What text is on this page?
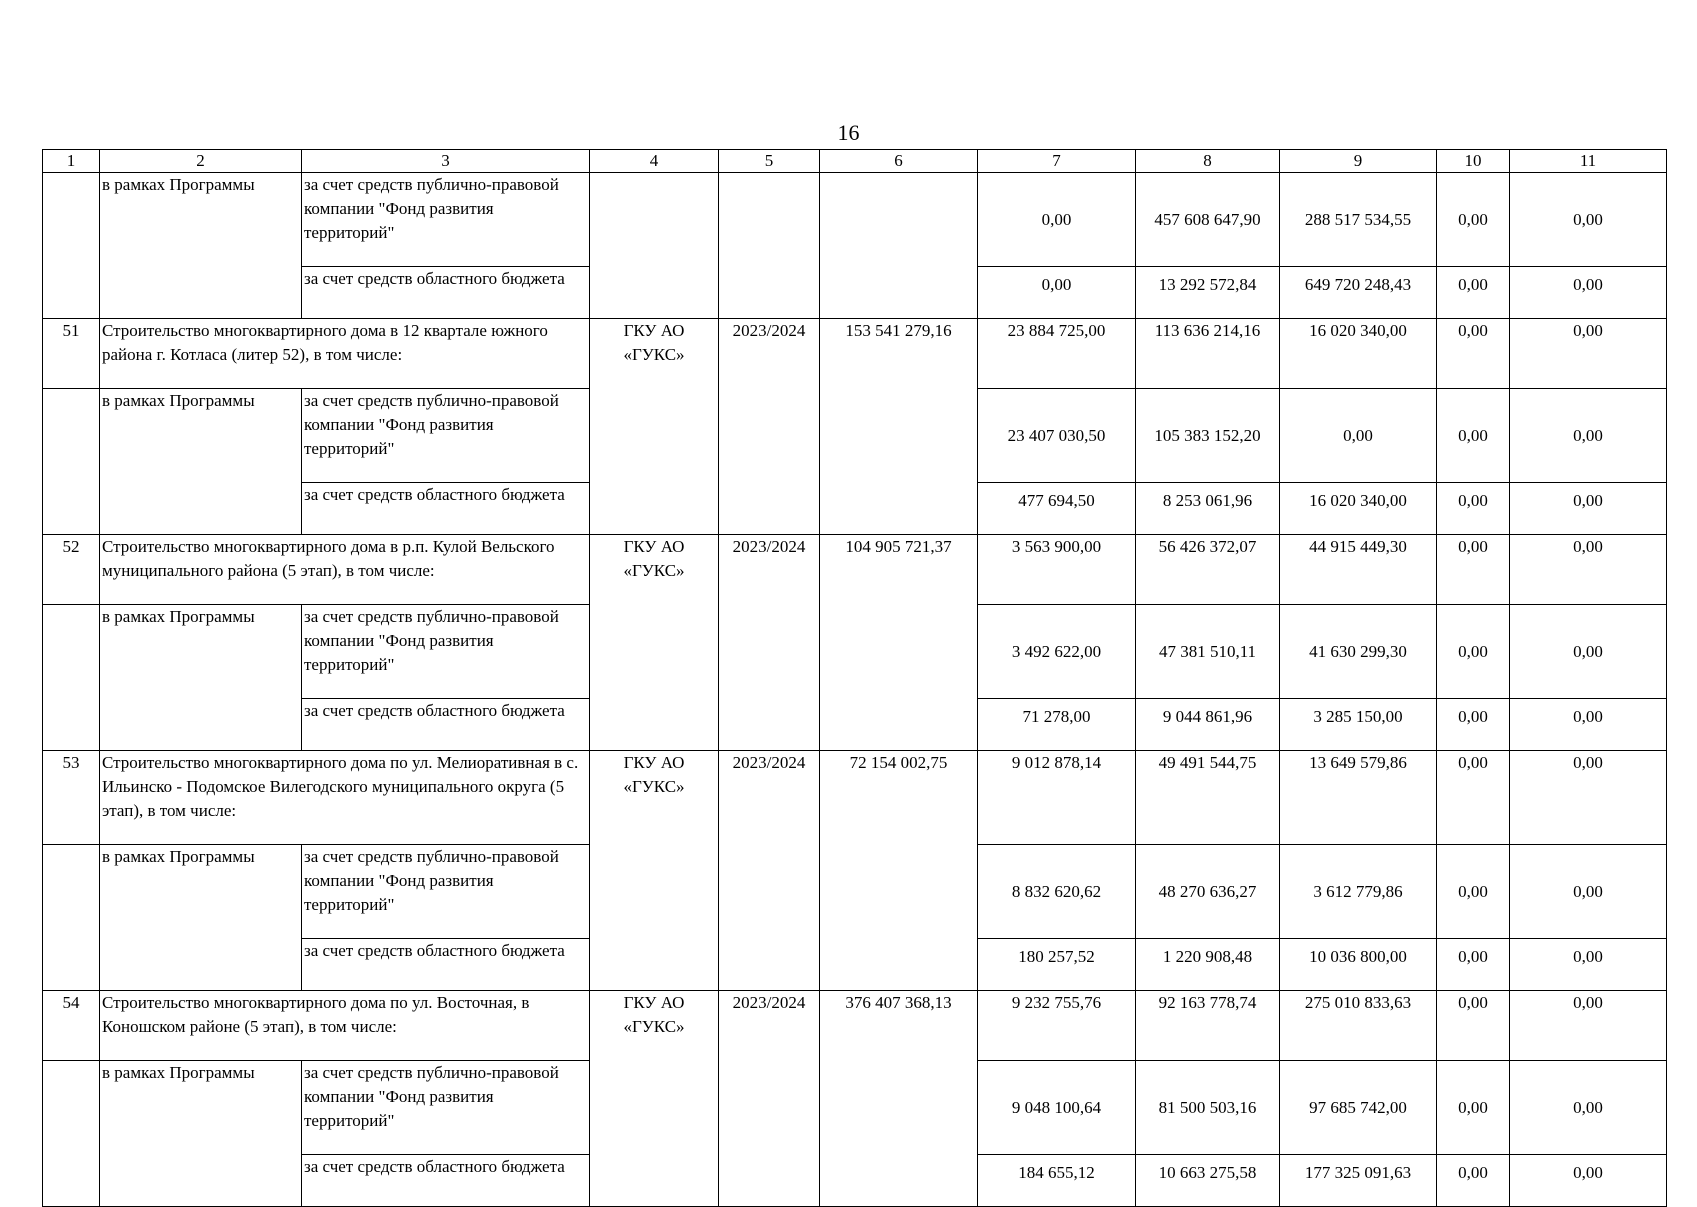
16
1	2	3	4	5	6	7	8	9	10	11
	в рамках Программы	за счет средств публично-правовой компании "Фонд развития территорий"				0,00	457 608 647,90	288 517 534,55	0,00	0,00
		за счет средств областного бюджета				0,00	13 292 572,84	649 720 248,43	0,00	0,00
51	Строительство многоквартирного дома в 12 квартале южного района г. Котласа (литер 52), в том числе:		ГКУ АО «ГУКС»	2023/2024	153 541 279,16	23 884 725,00	113 636 214,16	16 020 340,00	0,00	0,00
	в рамках Программы	за счет средств публично-правовой компании "Фонд развития территорий"				23 407 030,50	105 383 152,20	0,00	0,00	0,00
		за счет средств областного бюджета				477 694,50	8 253 061,96	16 020 340,00	0,00	0,00
52	Строительство многоквартирного дома в р.п. Кулой Вельского муниципального района (5 этап), в том числе:		ГКУ АО «ГУКС»	2023/2024	104 905 721,37	3 563 900,00	56 426 372,07	44 915 449,30	0,00	0,00
	в рамках Программы	за счет средств публично-правовой компании "Фонд развития территорий"				3 492 622,00	47 381 510,11	41 630 299,30	0,00	0,00
		за счет средств областного бюджета				71 278,00	9 044 861,96	3 285 150,00	0,00	0,00
53	Строительство многоквартирного дома по ул. Мелиоративная в с. Ильинско - Подомское Вилегодского муниципального округа (5 этап), в том числе:		ГКУ АО «ГУКС»	2023/2024	72 154 002,75	9 012 878,14	49 491 544,75	13 649 579,86	0,00	0,00
	в рамках Программы	за счет средств публично-правовой компании "Фонд развития территорий"				8 832 620,62	48 270 636,27	3 612 779,86	0,00	0,00
		за счет средств областного бюджета				180 257,52	1 220 908,48	10 036 800,00	0,00	0,00
54	Строительство многоквартирного дома по ул. Восточная, в Коношском районе (5 этап), в том числе:		ГКУ АО «ГУКС»	2023/2024	376 407 368,13	9 232 755,76	92 163 778,74	275 010 833,63	0,00	0,00
	в рамках Программы	за счет средств публично-правовой компании "Фонд развития территорий"				9 048 100,64	81 500 503,16	97 685 742,00	0,00	0,00
		за счет средств областного бюджета				184 655,12	10 663 275,58	177 325 091,63	0,00	0,00
